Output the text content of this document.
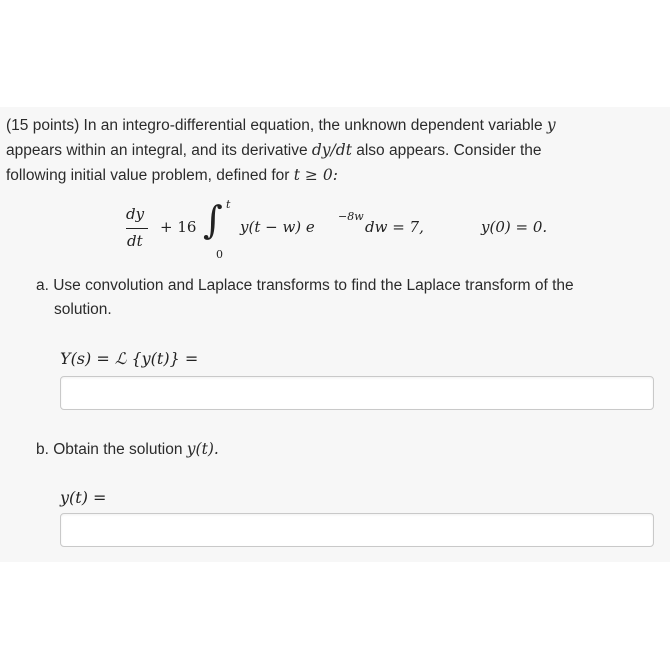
(15 points) In an integro-differential equation, the unknown dependent variable y
appears within an integral, and its derivative dy/dt also appears. Consider the
following initial value problem, defined for t ≥ 0:
dy
dt
+ 16 ∫ t
0
y(t − w) e
−8w
dw = 7,	y(0) = 0.
a. Use convolution and Laplace transforms to find the Laplace transform of the
solution.
Y(s) = ℒ {y(t)} =
b. Obtain the solution y(t).
y(t) =
